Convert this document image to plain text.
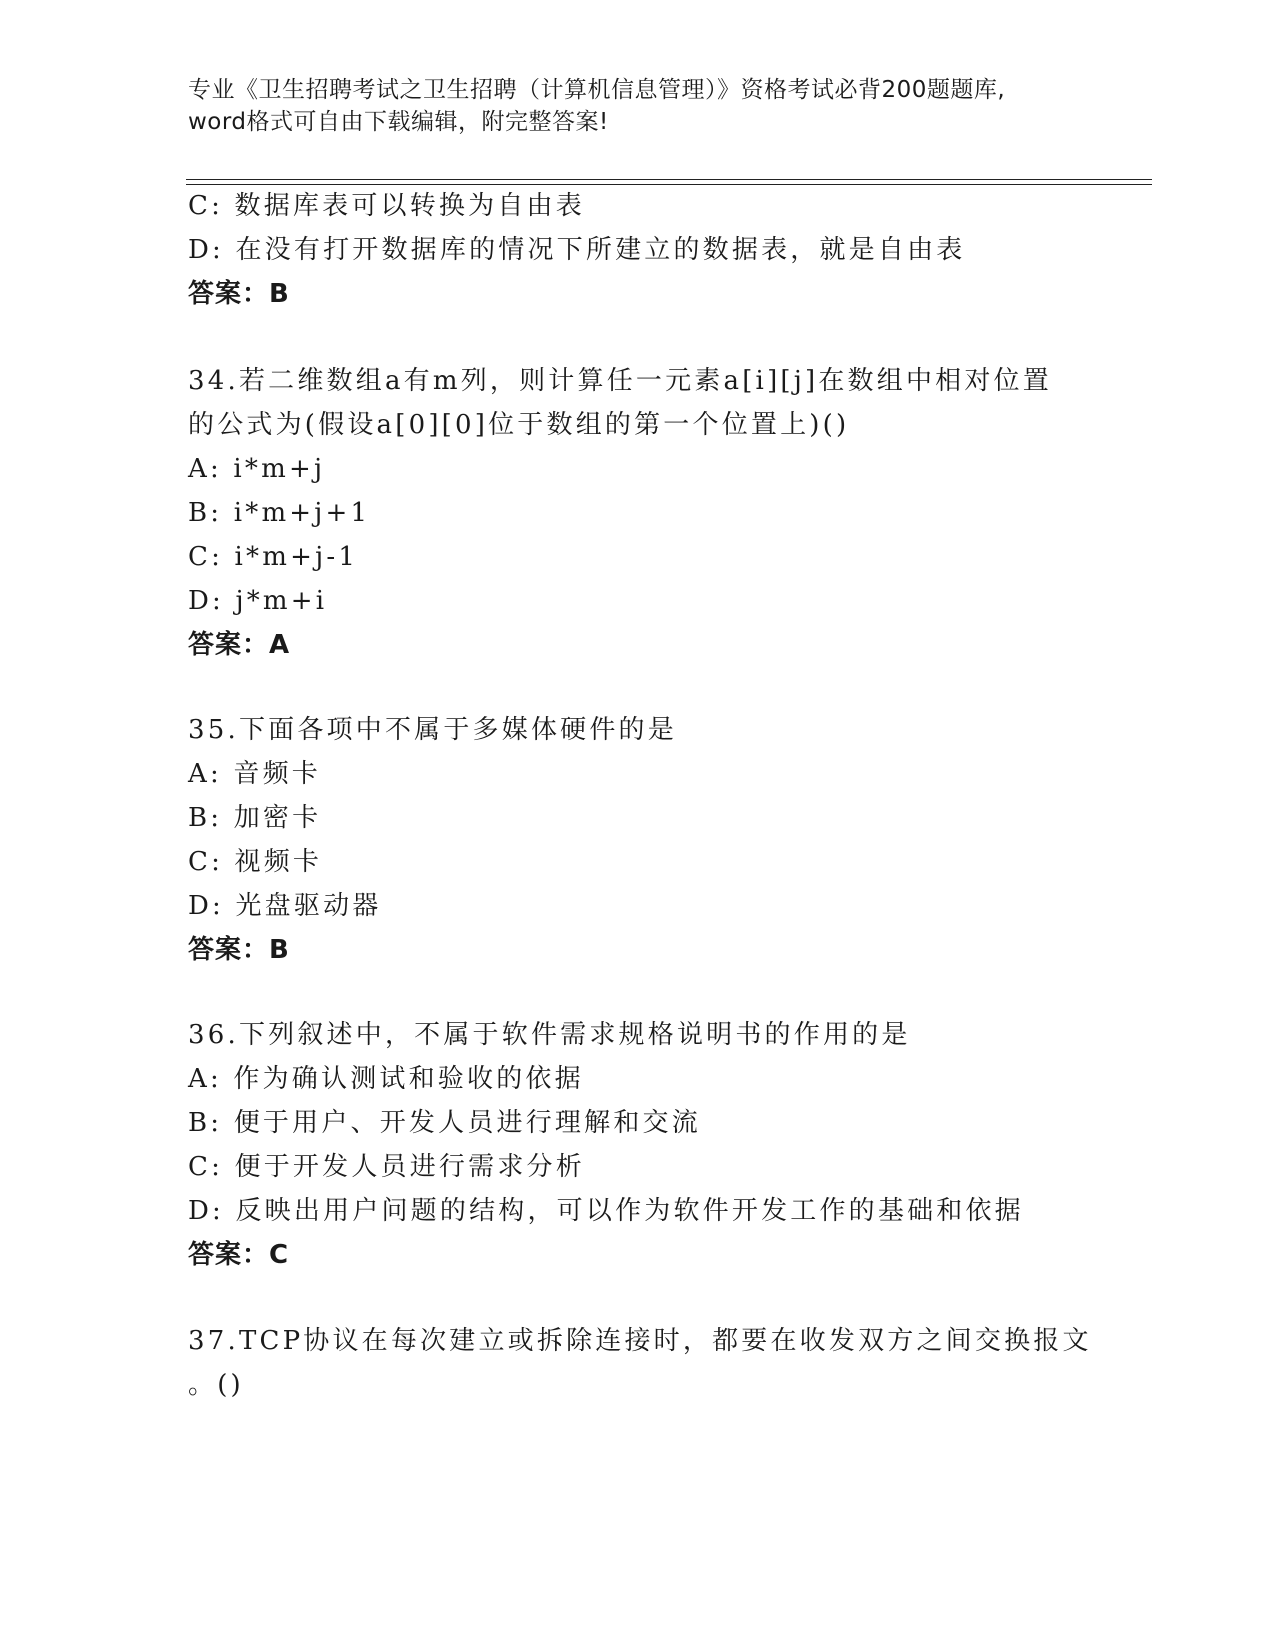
专业《卫生招聘考试之卫生招聘（计算机信息管理）》资格考试必背200题题库,
word格式可自由下载编辑，附完整答案!
C: 数据库表可以转换为自由表
D: 在没有打开数据库的情况下所建立的数据表，就是自由表
答案：B
34.若二维数组a有m列，则计算任一元素a[i][j]在数组中相对位置
的公式为(假设a[0][0]位于数组的第一个位置上)()
A: i*m+j
B: i*m+j+1
C: i*m+j-1
D: j*m+i
答案：A
35.下面各项中不属于多媒体硬件的是
A: 音频卡
B: 加密卡
C: 视频卡
D: 光盘驱动器
答案：B
36.下列叙述中，不属于软件需求规格说明书的作用的是
A: 作为确认测试和验收的依据
B: 便于用户、开发人员进行理解和交流
C: 便于开发人员进行需求分析
D: 反映出用户问题的结构，可以作为软件开发工作的基础和依据
答案：C
37.TCP协议在每次建立或拆除连接时，都要在收发双方之间交换报文
。()
